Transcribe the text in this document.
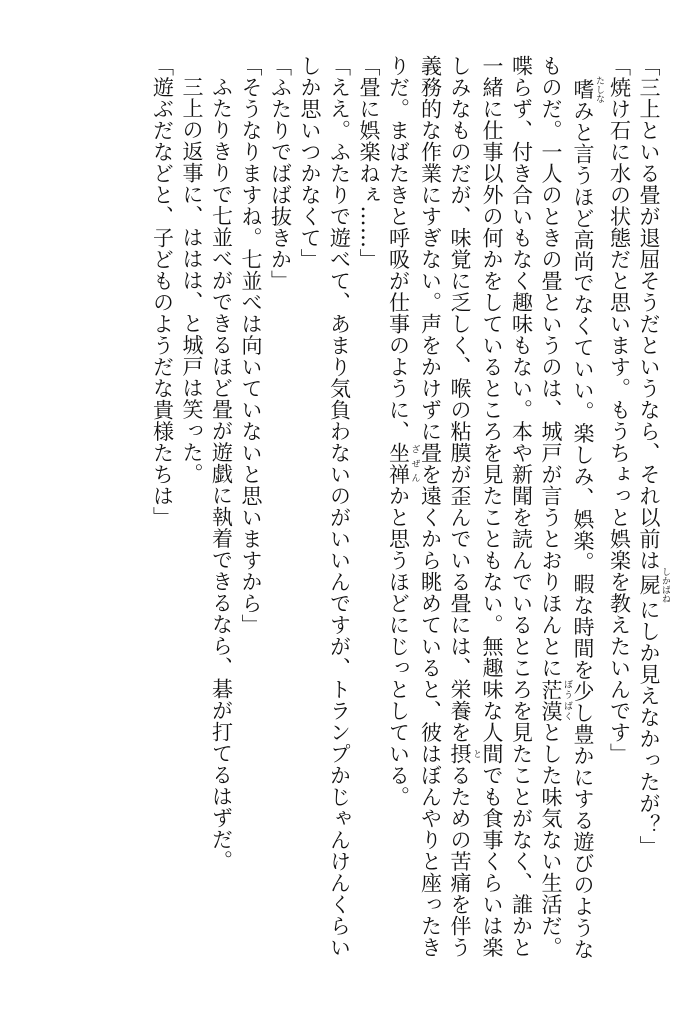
「三上といる畳が退屈そうだというなら、それ以前は屍 しかばねにしか見えなかったが？」

「焼け石に水の状態だと思います。もうちょっと娯楽を教えたいんです」

嗜 たしなみと言うほど高尚でなくていい。楽しみ、娯楽。暇な時間を少し豊かにする遊びのようなものだ。一人のときの畳というのは、城戸が言うとおりほんとに茫漠 ぼうばくとした味気ない生活だ。喋らず、付き合いもなく趣味もない。本や新聞を読んでいるところを見たことがなく、誰かと一緒に仕事以外の何かをしているところを見たこともない。無趣味な人間でも食事くらいは楽しみなものだが、味覚に乏しく、喉の粘膜が歪んでいる畳には、栄養を摂 とるための苦痛を伴う義務的な作業にすぎない。声をかけずに畳を遠くから眺めていると、彼はぼんやりと座ったきりだ。まばたきと呼吸が仕事のように、坐禅 ざぜんかと思うほどにじっとしている。

「畳に娯楽ねぇ……」

「ええ。ふたりで遊べて、あまり気負わないのがいいんですが、トランプかじゃんけんくらいしか思いつかなくて」

「ふたりでばば抜きか」

「そうなりますね。七並べは向いていないと思いますから」

ふたりきりで七並べができるほど畳が遊戯に執着できるなら、碁が打てるはずだ。

三上の返事に、ははは、と城戸は笑った。

「遊ぶだなどと、子どものようだな貴様たちは」
